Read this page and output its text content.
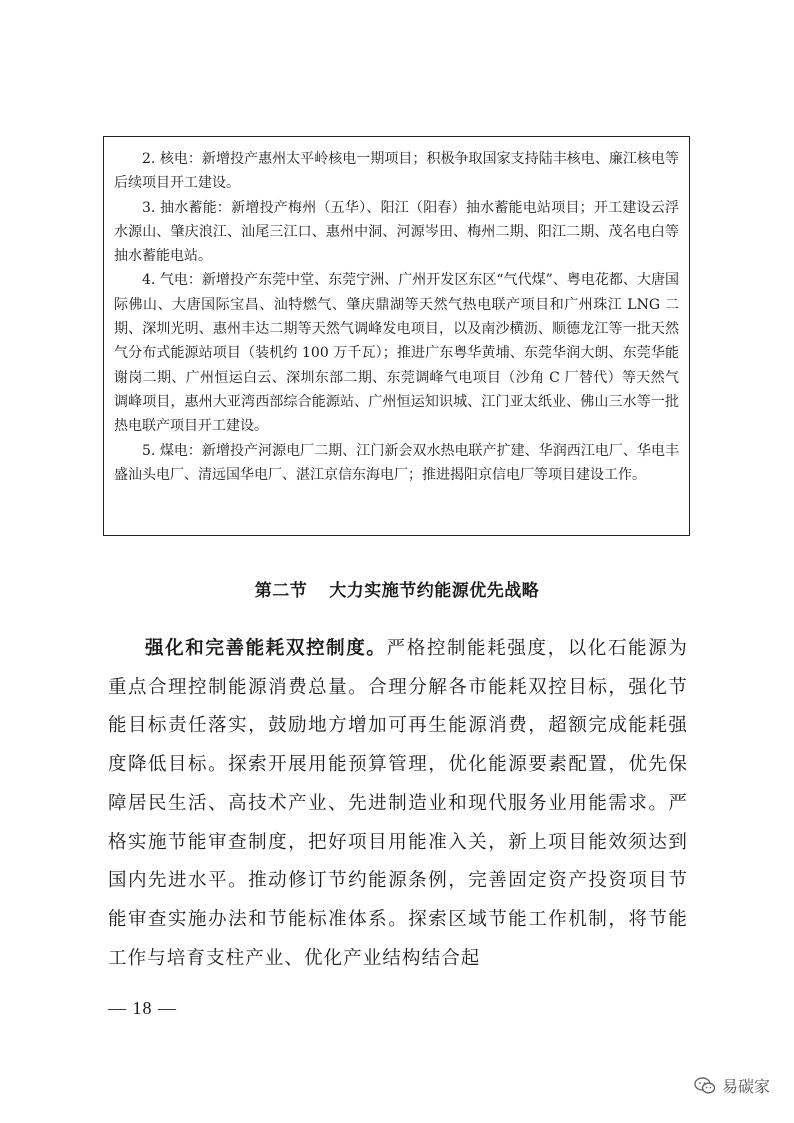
2. 核电：新增投产惠州太平岭核电一期项目；积极争取国家支持陆丰核电、廉江核电等后续项目开工建设。

3. 抽水蓄能：新增投产梅州（五华）、阳江（阳春）抽水蓄能电站项目；开工建设云浮水源山、肇庆浪江、汕尾三江口、惠州中洞、河源岑田、梅州二期、阳江二期、茂名电白等抽水蓄能电站。

4. 气电：新增投产东莞中堂、东莞宁洲、广州开发区东区“气代煤”、粤电花都、大唐国际佛山、大唐国际宝昌、汕特燃气、肇庆鼎湖等天然气热电联产项目和广州珠江 LNG 二期、深圳光明、惠州丰达二期等天然气调峰发电项目，以及南沙横沥、顺德龙江等一批天然气分布式能源站项目（装机约 100 万千瓦）；推进广东粤华黄埔、东莞华润大朗、东莞华能谢岗二期、广州恒运白云、深圳东部二期、东莞调峰气电项目（沙角 C 厂替代）等天然气调峰项目，惠州大亚湾西部综合能源站、广州恒运知识城、江门亚太纸业、佛山三水等一批热电联产项目开工建设。

5. 煤电：新增投产河源电厂二期、江门新会双水热电联产扩建、华润西江电厂、华电丰盛汕头电厂、清远国华电厂、湛江京信东海电厂；推进揭阳京信电厂等项目建设工作。

第二节 大力实施节约能源优先战略

强化和完善能耗双控制度。严格控制能耗强度，以化石能源为重点合理控制能源消费总量。合理分解各市能耗双控目标，强化节能目标责任落实，鼓励地方增加可再生能源消费，超额完成能耗强度降低目标。探索开展用能预算管理，优化能源要素配置，优先保障居民生活、高技术产业、先进制造业和现代服务业用能需求。严格实施节能审查制度，把好项目用能准入关，新上项目能效须达到国内先进水平。推动修订节约能源条例，完善固定资产投资项目节能审查实施办法和节能标准体系。探索区域节能工作机制，将节能工作与培育支柱产业、优化产业结构结合起

— 18 —
易碳家
